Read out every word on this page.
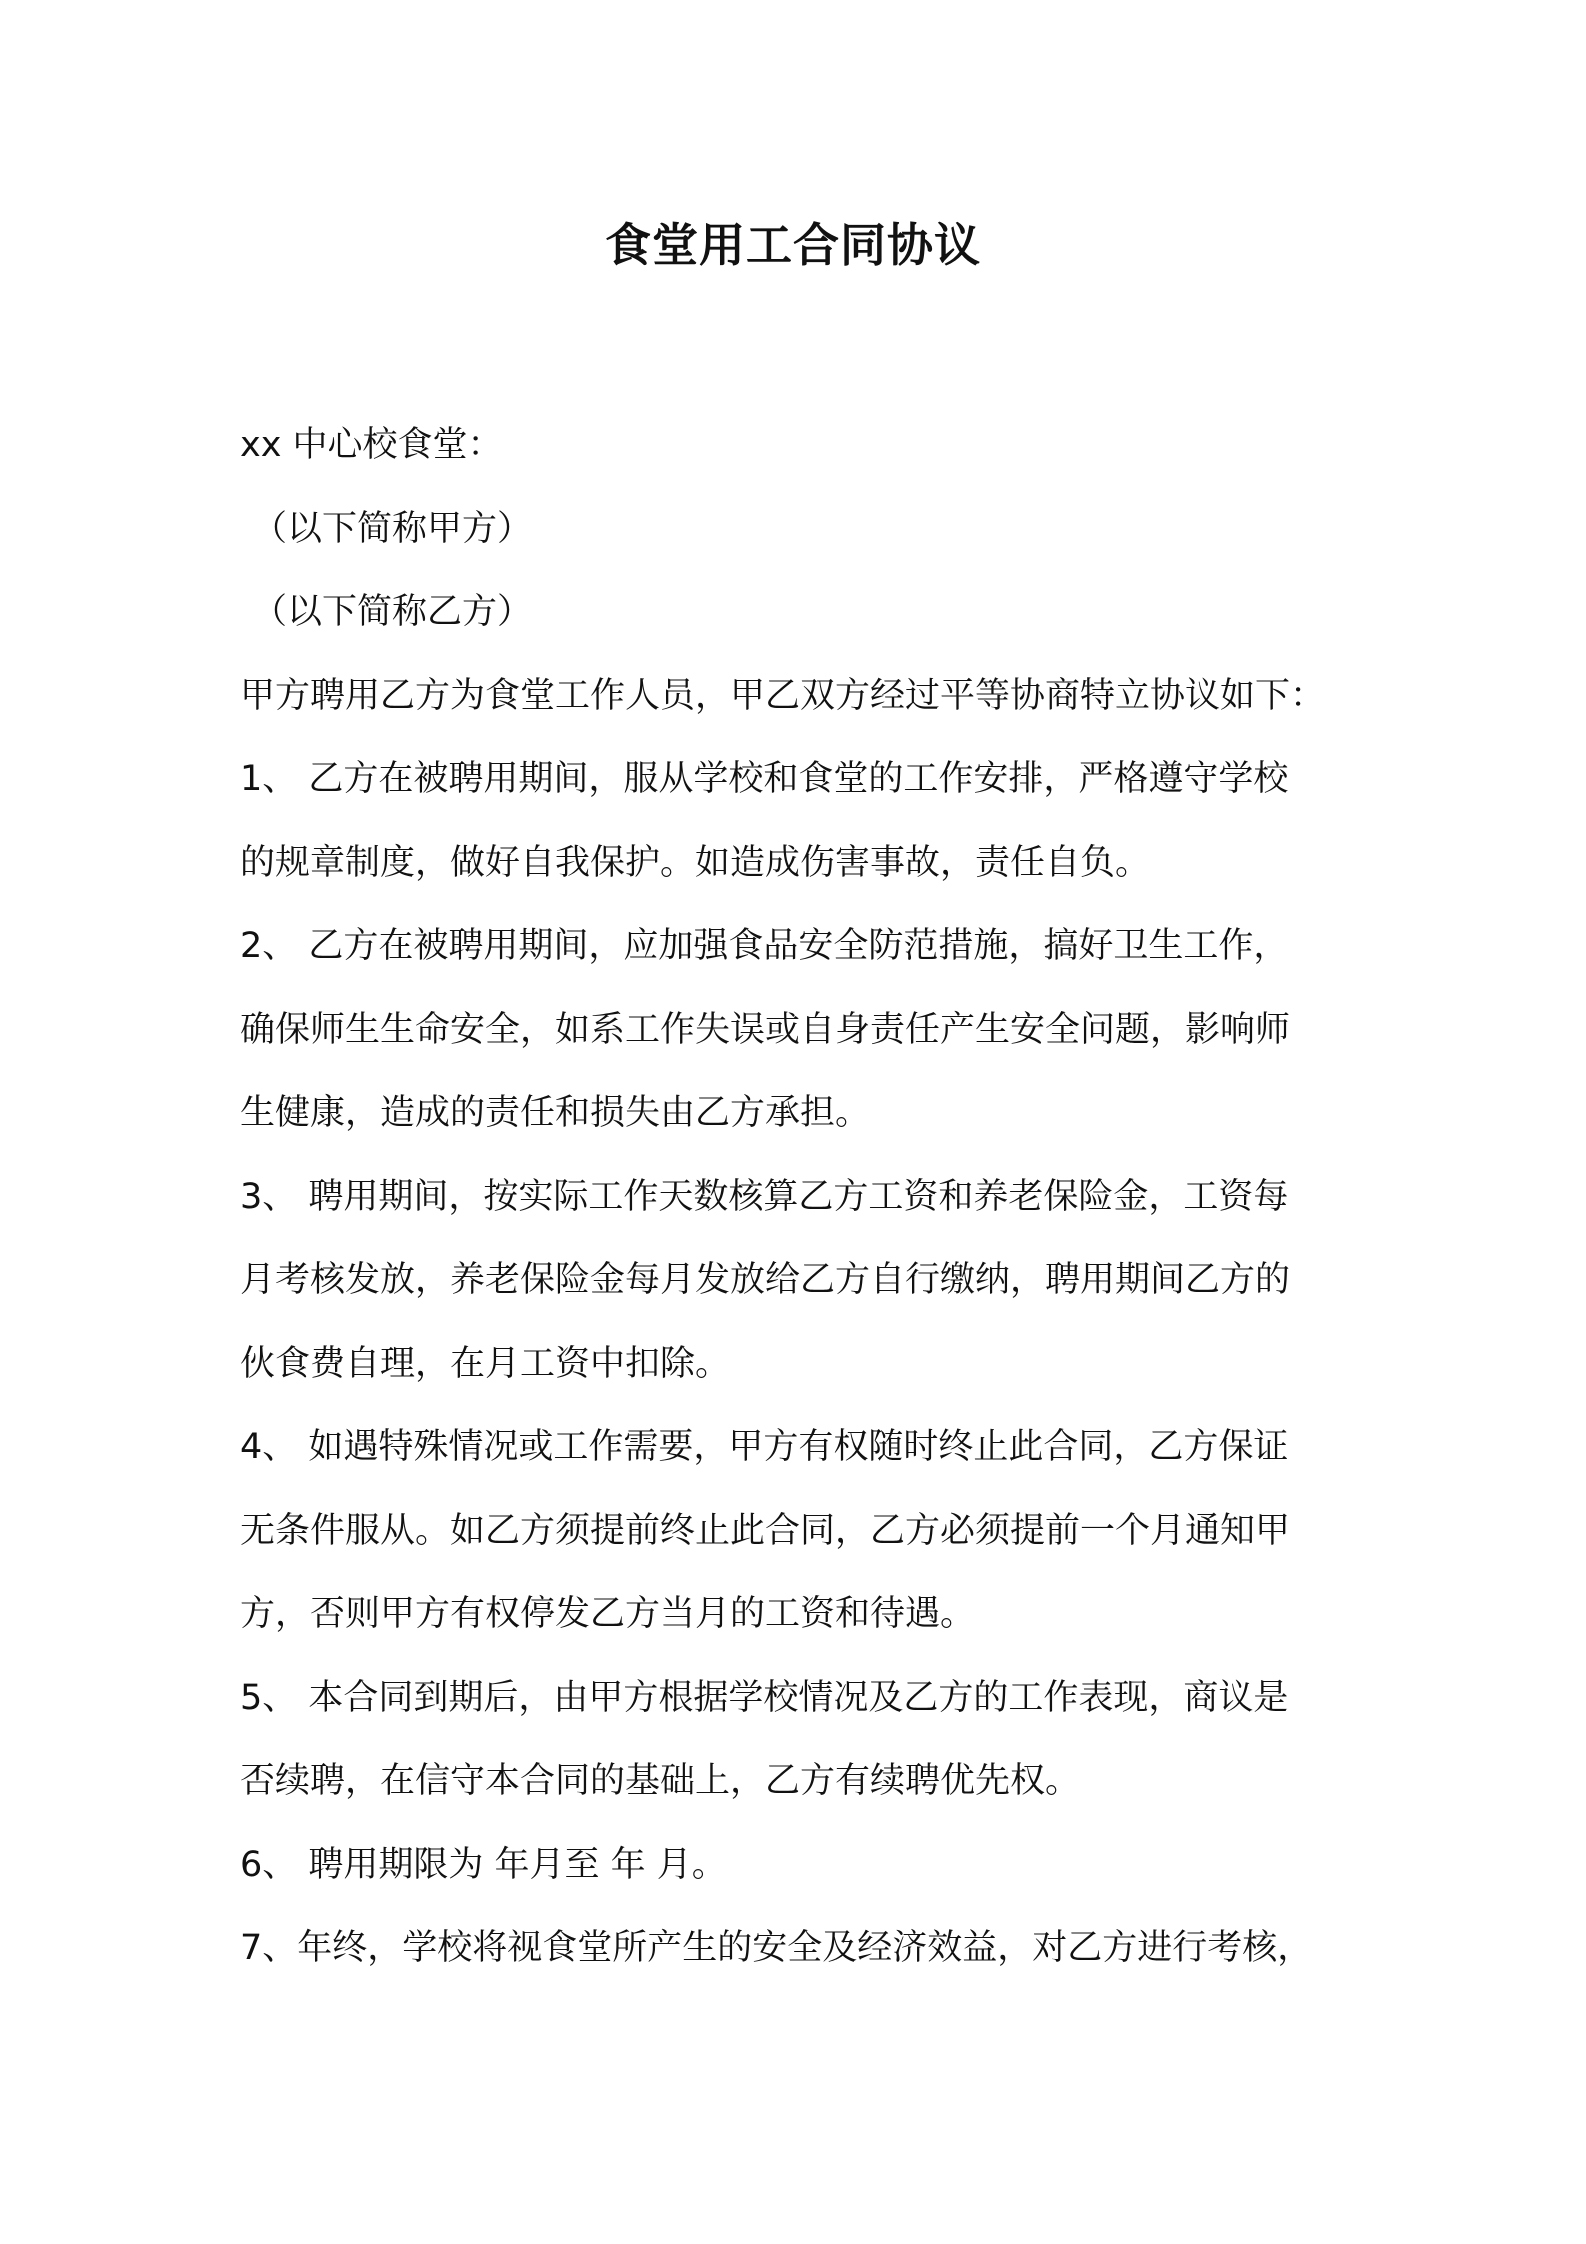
食堂用工合同协议
xx 中心校食堂：
（以下简称甲方）
（以下简称乙方）
甲方聘用乙方为食堂工作人员，甲乙双方经过平等协商特立协议如下：
1、 乙方在被聘用期间，服从学校和食堂的工作安排，严格遵守学校
的规章制度，做好自我保护。如造成伤害事故，责任自负。
2、 乙方在被聘用期间，应加强食品安全防范措施，搞好卫生工作，
确保师生生命安全，如系工作失误或自身责任产生安全问题，影响师
生健康，造成的责任和损失由乙方承担。
3、 聘用期间，按实际工作天数核算乙方工资和养老保险金，工资每
月考核发放，养老保险金每月发放给乙方自行缴纳，聘用期间乙方的
伙食费自理，在月工资中扣除。
4、 如遇特殊情况或工作需要，甲方有权随时终止此合同，乙方保证
无条件服从。如乙方须提前终止此合同，乙方必须提前一个月通知甲
方，否则甲方有权停发乙方当月的工资和待遇。
5、 本合同到期后，由甲方根据学校情况及乙方的工作表现，商议是
否续聘，在信守本合同的基础上，乙方有续聘优先权。
6、 聘用期限为 年月至 年 月。
7、年终，学校将视食堂所产生的安全及经济效益，对乙方进行考核，
